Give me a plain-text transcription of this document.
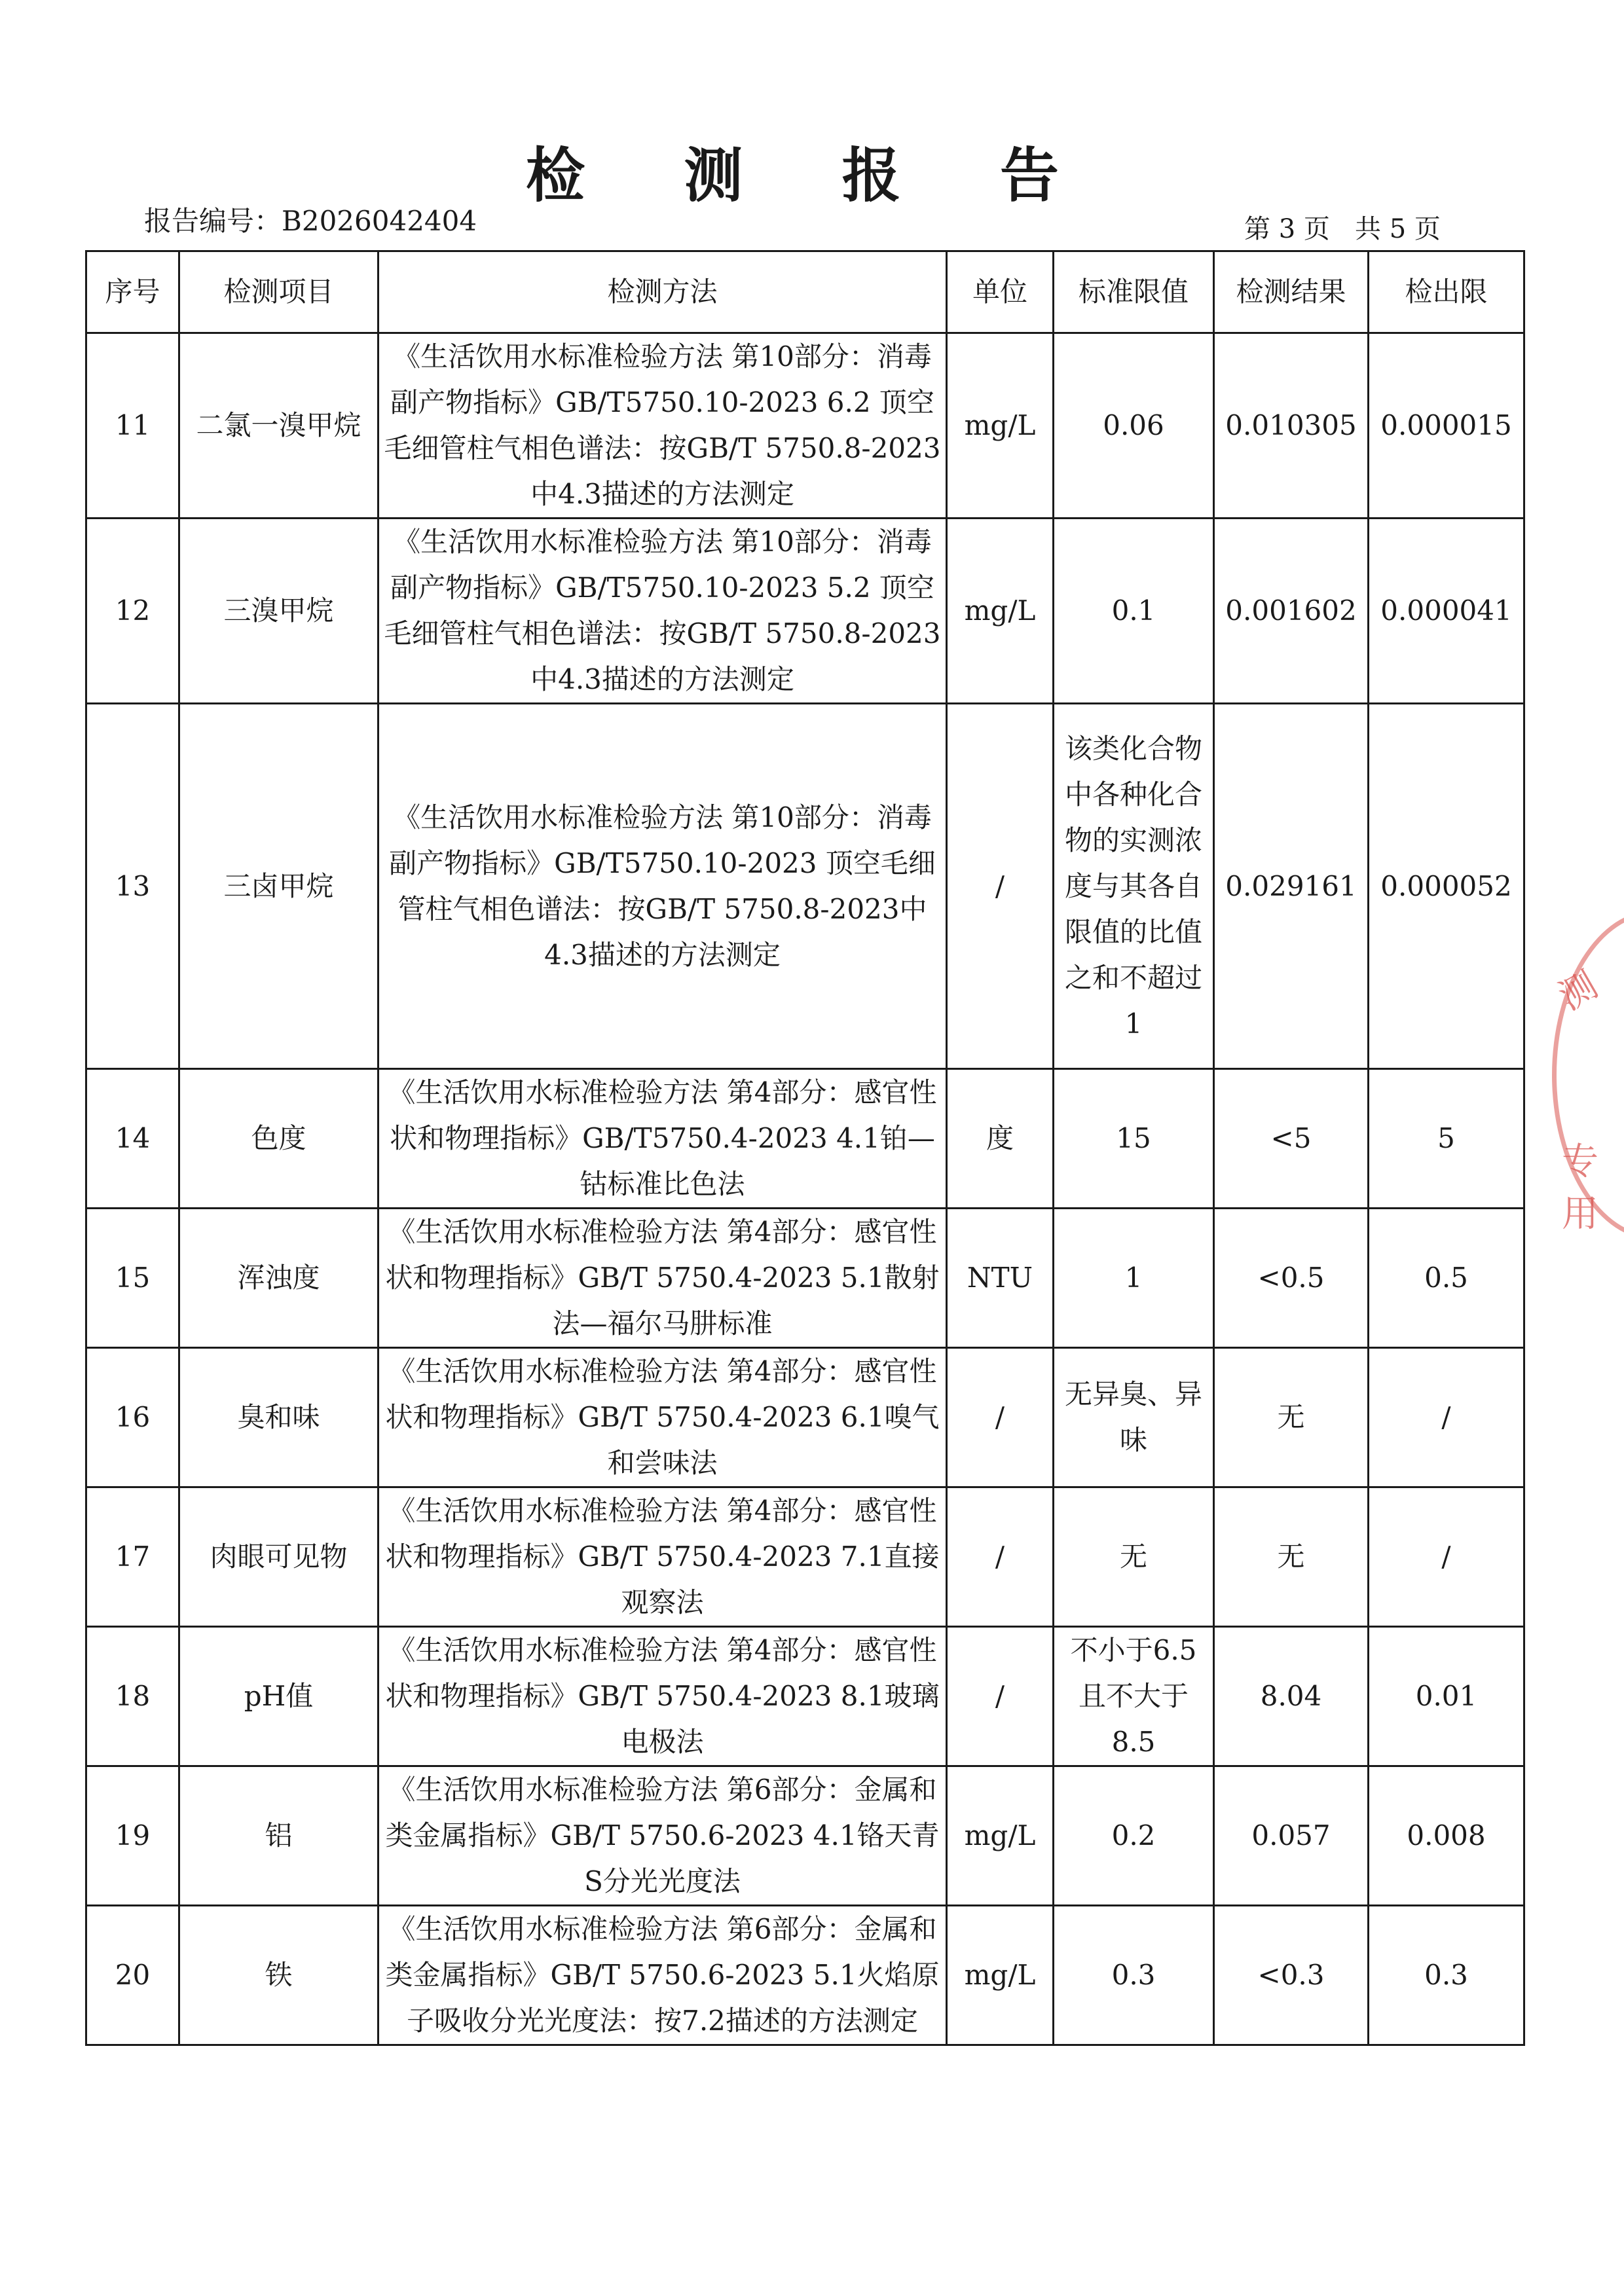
检 测 报 告
报告编号：B2026042404	第 3 页   共 5 页
序号	检测项目	检测方法	单位	标准限值	检测结果	检出限
11	二氯一溴甲烷	《生活饮用水标准检验方法 第10部分：消毒副产物指标》GB/T5750.10-2023 6.2 顶空毛细管柱气相色谱法：按GB/T 5750.8-2023中4.3描述的方法测定	mg/L	0.06	0.010305	0.000015
12	三溴甲烷	《生活饮用水标准检验方法 第10部分：消毒副产物指标》GB/T5750.10-2023 5.2 顶空毛细管柱气相色谱法：按GB/T 5750.8-2023中4.3描述的方法测定	mg/L	0.1	0.001602	0.000041
13	三卤甲烷	《生活饮用水标准检验方法 第10部分：消毒副产物指标》GB/T5750.10-2023 顶空毛细管柱气相色谱法：按GB/T 5750.8-2023中4.3描述的方法测定	/	该类化合物中各种化合物的实测浓度与其各自限值的比值之和不超过1	0.029161	0.000052
14	色度	《生活饮用水标准检验方法 第4部分：感官性状和物理指标》GB/T5750.4-2023 4.1铂—钴标准比色法	度	15	<5	5
15	浑浊度	《生活饮用水标准检验方法 第4部分：感官性状和物理指标》GB/T 5750.4-2023 5.1散射法—福尔马肼标准	NTU	1	<0.5	0.5
16	臭和味	《生活饮用水标准检验方法 第4部分：感官性状和物理指标》GB/T 5750.4-2023 6.1嗅气和尝味法	/	无异臭、异味	无	/
17	肉眼可见物	《生活饮用水标准检验方法 第4部分：感官性状和物理指标》GB/T 5750.4-2023 7.1直接观察法	/	无	无	/
18	pH值	《生活饮用水标准检验方法 第4部分：感官性状和物理指标》GB/T 5750.4-2023 8.1玻璃电极法	/	不小于6.5且不大于8.5	8.04	0.01
19	铝	《生活饮用水标准检验方法 第6部分：金属和类金属指标》GB/T 5750.6-2023 4.1铬天青S分光光度法	mg/L	0.2	0.057	0.008
20	铁	《生活饮用水标准检验方法 第6部分：金属和类金属指标》GB/T 5750.6-2023 5.1火焰原子吸收分光光度法：按7.2描述的方法测定	mg/L	0.3	<0.3	0.3
测
专用
